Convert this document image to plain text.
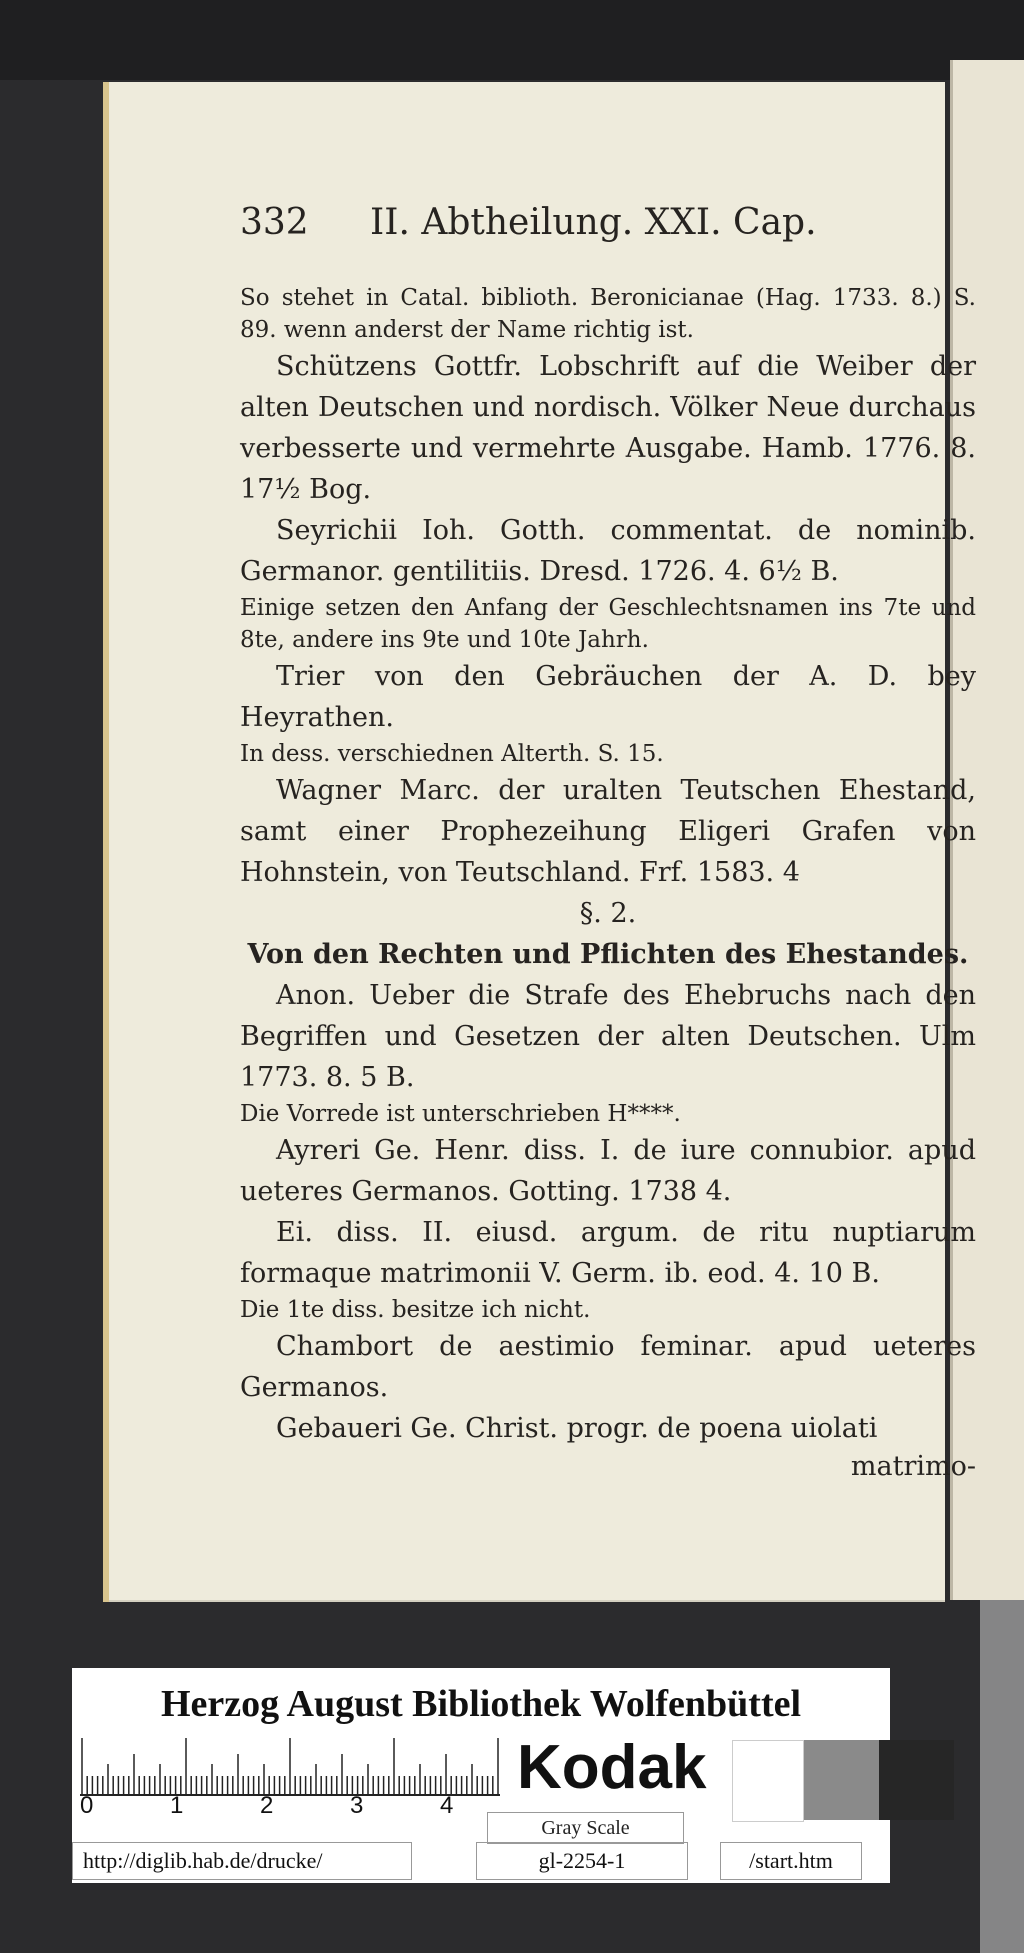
332	II. Abtheilung. XXI. Cap.

So stehet in Catal. biblioth. Beronicianae (Hag. 1733. 8.) S. 89. wenn anderst der Name richtig ist.

Schützens Gottfr. Lobschrift auf die Weiber der alten Deutschen und nordisch. Völker Neue durchaus verbesserte und vermehrte Ausgabe. Hamb. 1776. 8. 17½ Bog.

Seyrichii Ioh. Gotth. commentat. de nominib. Germanor. gentilitiis. Dresd. 1726. 4. 6½ B.

Einige setzen den Anfang der Geschlechtsnamen ins 7te und 8te, andere ins 9te und 10te Jahrh.

Trier von den Gebräuchen der A. D. bey Heyrathen.

In dess. verschiednen Alterth. S. 15.

Wagner Marc. der uralten Teutschen Ehestand, samt einer Prophezeihung Eligeri Grafen von Hohnstein, von Teutschland. Frf. 1583. 4

§. 2.

Von den Rechten und Pflichten des Ehestandes.

Anon. Ueber die Strafe des Ehebruchs nach den Begriffen und Gesetzen der alten Deutschen. Ulm 1773. 8. 5 B.

Die Vorrede ist unterschrieben H****.

Ayreri Ge. Henr. diss. I. de iure connubior. apud ueteres Germanos. Gotting. 1738 4.

Ei. diss. II. eiusd. argum. de ritu nuptiarum formaque matrimonii V. Germ. ib. eod. 4. 10 B.

Die 1te diss. besitze ich nicht.

Chambort de aestimio feminar. apud ueteres Germanos.

Gebaueri Ge. Christ. progr. de poena uiolati

matrimo-
Herzog August Bibliothek Wolfenbüttel
0	1	2	3	4
Kodak
Gray Scale
http://diglib.hab.de/drucke/	gl-2254-1	/start.htm
